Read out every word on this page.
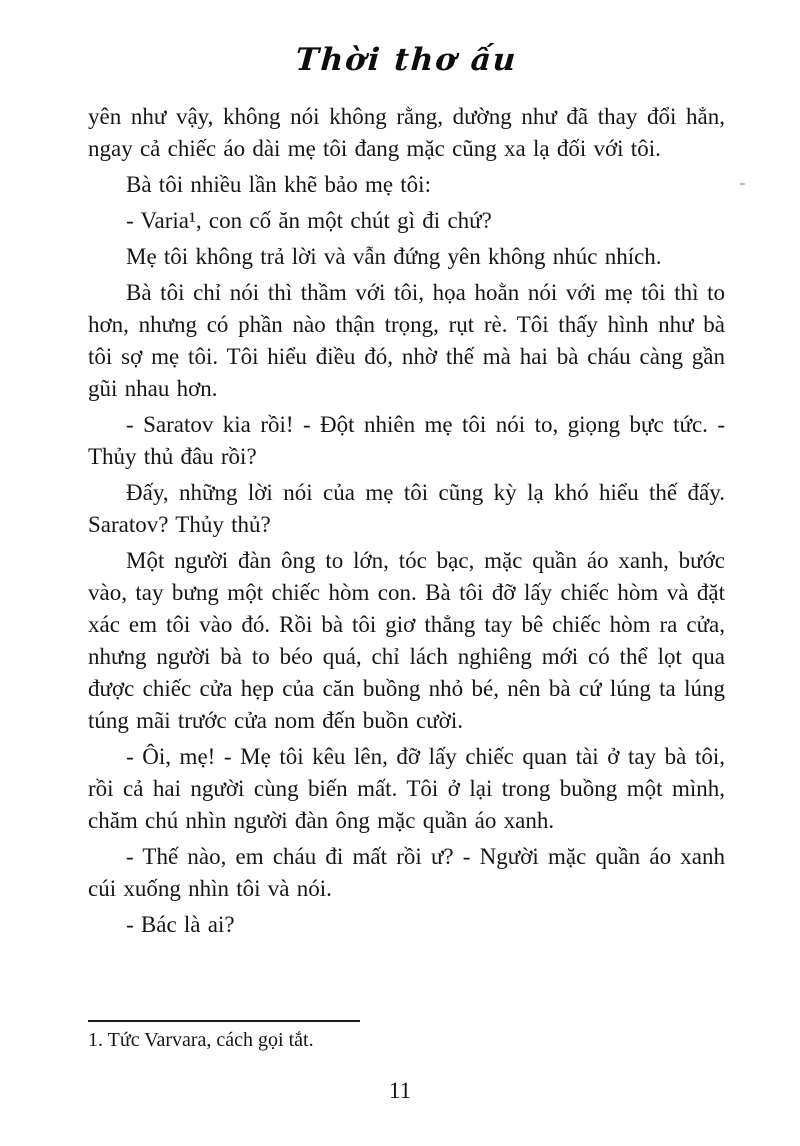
Thời thơ ấu

yên như vậy, không nói không rằng, dường như đã thay đổi hẳn, ngay cả chiếc áo dài mẹ tôi đang mặc cũng xa lạ đối với tôi.

Bà tôi nhiều lần khẽ bảo mẹ tôi:

- Varia¹, con cố ăn một chút gì đi chứ?

Mẹ tôi không trả lời và vẫn đứng yên không nhúc nhích.

Bà tôi chỉ nói thì thầm với tôi, họa hoằn nói với mẹ tôi thì to hơn, nhưng có phần nào thận trọng, rụt rè. Tôi thấy hình như bà tôi sợ mẹ tôi. Tôi hiểu điều đó, nhờ thế mà hai bà cháu càng gần gũi nhau hơn.

- Saratov kia rồi! - Đột nhiên mẹ tôi nói to, giọng bực tức. - Thủy thủ đâu rồi?

Đấy, những lời nói của mẹ tôi cũng kỳ lạ khó hiểu thế đấy. Saratov? Thủy thủ?

Một người đàn ông to lớn, tóc bạc, mặc quần áo xanh, bước vào, tay bưng một chiếc hòm con. Bà tôi đỡ lấy chiếc hòm và đặt xác em tôi vào đó. Rồi bà tôi giơ thẳng tay bê chiếc hòm ra cửa, nhưng người bà to béo quá, chỉ lách nghiêng mới có thể lọt qua được chiếc cửa hẹp của căn buồng nhỏ bé, nên bà cứ lúng ta lúng túng mãi trước cửa nom đến buồn cười.

- Ôi, mẹ! - Mẹ tôi kêu lên, đỡ lấy chiếc quan tài ở tay bà tôi, rồi cả hai người cùng biến mất. Tôi ở lại trong buồng một mình, chăm chú nhìn người đàn ông mặc quần áo xanh.

- Thế nào, em cháu đi mất rồi ư? - Người mặc quần áo xanh cúi xuống nhìn tôi và nói.

- Bác là ai?

1. Tức Varvara, cách gọi tắt.
11
